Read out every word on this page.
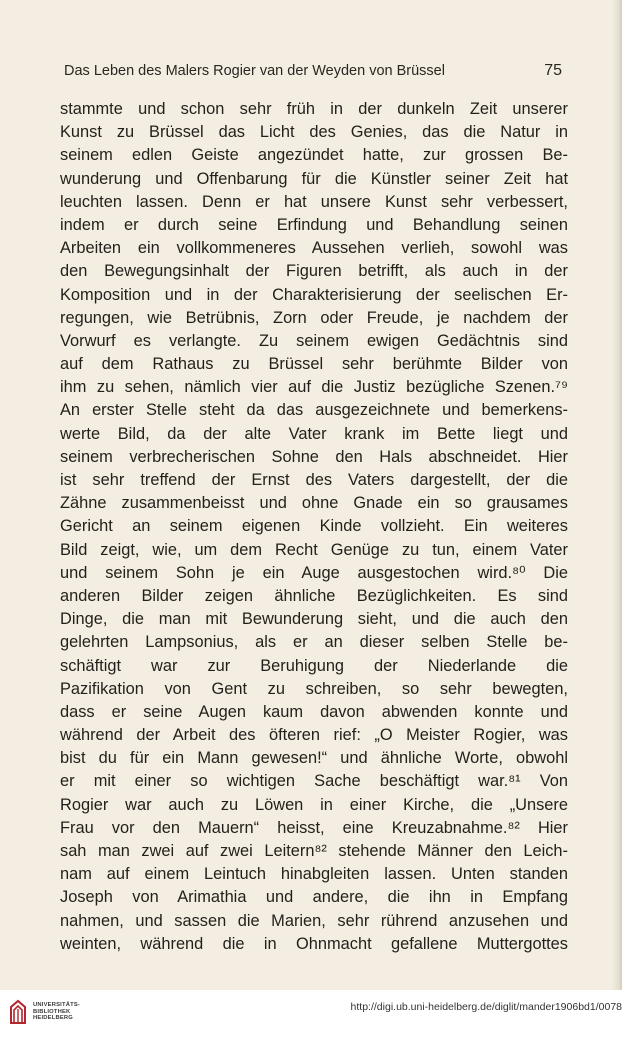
Das Leben des Malers Rogier van der Weyden von Brüssel	75
stammte und schon sehr früh in der dunkeln Zeit unserer
Kunst zu Brüssel das Licht des Genies, das die Natur in
seinem edlen Geiste angezündet hatte, zur grossen Be-
wunderung und Offenbarung für die Künstler seiner Zeit hat
leuchten lassen. Denn er hat unsere Kunst sehr verbessert,
indem er durch seine Erfindung und Behandlung seinen
Arbeiten ein vollkommeneres Aussehen verlieh, sowohl was
den Bewegungsinhalt der Figuren betrifft, als auch in der
Komposition und in der Charakterisierung der seelischen Er-
regungen, wie Betrübnis, Zorn oder Freude, je nachdem der
Vorwurf es verlangte. Zu seinem ewigen Gedächtnis sind
auf dem Rathaus zu Brüssel sehr berühmte Bilder von
ihm zu sehen, nämlich vier auf die Justiz bezügliche Szenen.⁷⁹
An erster Stelle steht da das ausgezeichnete und bemerkens-
werte Bild, da der alte Vater krank im Bette liegt und
seinem verbrecherischen Sohne den Hals abschneidet. Hier
ist sehr treffend der Ernst des Vaters dargestellt, der die
Zähne zusammenbeisst und ohne Gnade ein so grausames
Gericht an seinem eigenen Kinde vollzieht. Ein weiteres
Bild zeigt, wie, um dem Recht Genüge zu tun, einem Vater
und seinem Sohn je ein Auge ausgestochen wird.⁸⁰ Die
anderen Bilder zeigen ähnliche Bezüglichkeiten. Es sind
Dinge, die man mit Bewunderung sieht, und die auch den
gelehrten Lampsonius, als er an dieser selben Stelle be-
schäftigt war zur Beruhigung der Niederlande die
Pazifikation von Gent zu schreiben, so sehr bewegten,
dass er seine Augen kaum davon abwenden konnte und
während der Arbeit des öfteren rief: „O Meister Rogier, was
bist du für ein Mann gewesen!“ und ähnliche Worte, obwohl
er mit einer so wichtigen Sache beschäftigt war.⁸¹ Von
Rogier war auch zu Löwen in einer Kirche, die „Unsere
Frau vor den Mauern“ heisst, eine Kreuzabnahme.⁸² Hier
sah man zwei auf zwei Leitern⁸² stehende Männer den Leich-
nam auf einem Leintuch hinabgleiten lassen. Unten standen
Joseph von Arimathia und andere, die ihn in Empfang
nahmen, und sassen die Marien, sehr rührend anzusehen und
weinten, während die in Ohnmacht gefallene Muttergottes
UNIVERSITÄTS-
BIBLIOTHEK
HEIDELBERG
http://digi.ub.uni-heidelberg.de/diglit/mander1906bd1/0078
